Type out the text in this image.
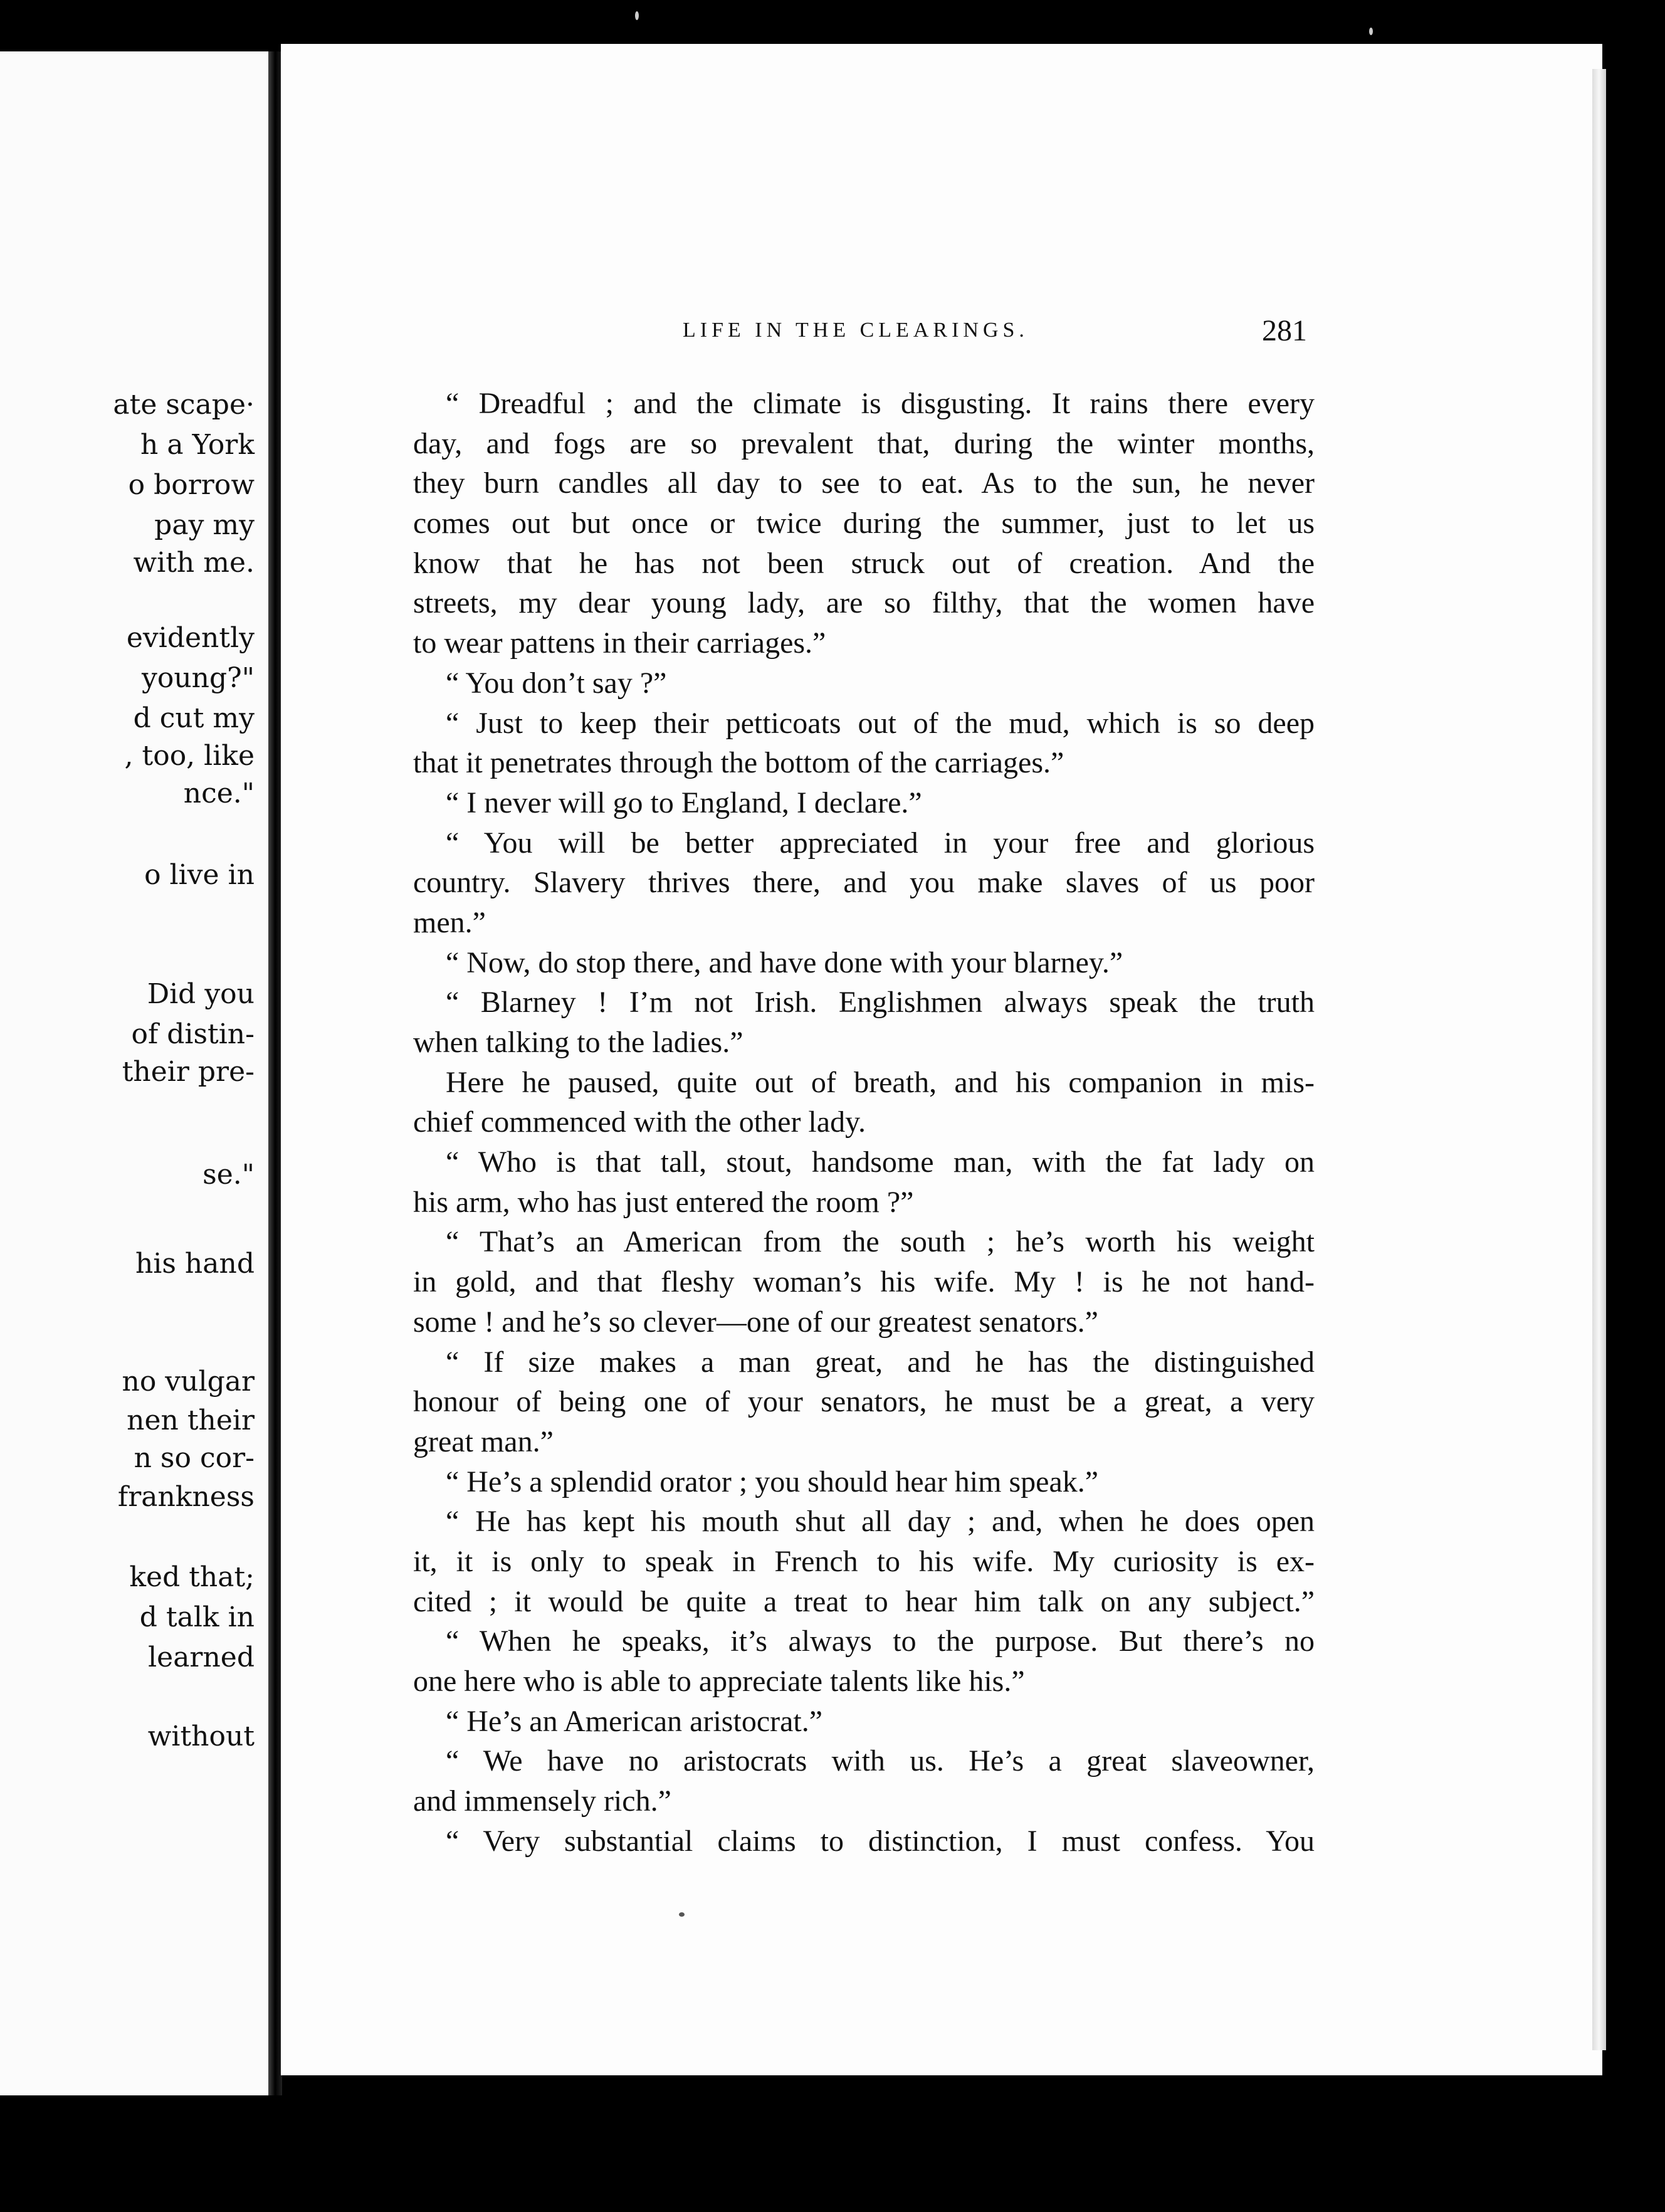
ate scape·
h a York
o borrow
pay my
with me.
evidently
young?"
d cut my
, too, like
nce."
o live in
Did you
of distin-
their pre-
se."
his hand
no vulgar
nen their
n so cor-
frankness
ked that;
d talk in
learned
without
LIFE IN THE CLEARINGS.	281
“ Dreadful ; and the climate is disgusting. It rains there every
day, and fogs are so prevalent that, during the winter months,
they burn candles all day to see to eat. As to the sun, he never
comes out but once or twice during the summer, just to let us
know that he has not been struck out of creation. And the
streets, my dear young lady, are so filthy, that the women have
to wear pattens in their carriages.”
“ You don’t say ?”
“ Just to keep their petticoats out of the mud, which is so deep
that it penetrates through the bottom of the carriages.”
“ I never will go to England, I declare.”
“ You will be better appreciated in your free and glorious
country. Slavery thrives there, and you make slaves of us poor
men.”
“ Now, do stop there, and have done with your blarney.”
“ Blarney ! I’m not Irish. Englishmen always speak the truth
when talking to the ladies.”
Here he paused, quite out of breath, and his companion in mis-
chief commenced with the other lady.
“ Who is that tall, stout, handsome man, with the fat lady on
his arm, who has just entered the room ?”
“ That’s an American from the south ; he’s worth his weight
in gold, and that fleshy woman’s his wife. My ! is he not hand-
some ! and he’s so clever—one of our greatest senators.”
“ If size makes a man great, and he has the distinguished
honour of being one of your senators, he must be a great, a very
great man.”
“ He’s a splendid orator ; you should hear him speak.”
“ He has kept his mouth shut all day ; and, when he does open
it, it is only to speak in French to his wife. My curiosity is ex-
cited ; it would be quite a treat to hear him talk on any subject.”
“ When he speaks, it’s always to the purpose. But there’s no
one here who is able to appreciate talents like his.”
“ He’s an American aristocrat.”
“ We have no aristocrats with us. He’s a great slaveowner,
and immensely rich.”
“ Very substantial claims to distinction, I must confess. You
